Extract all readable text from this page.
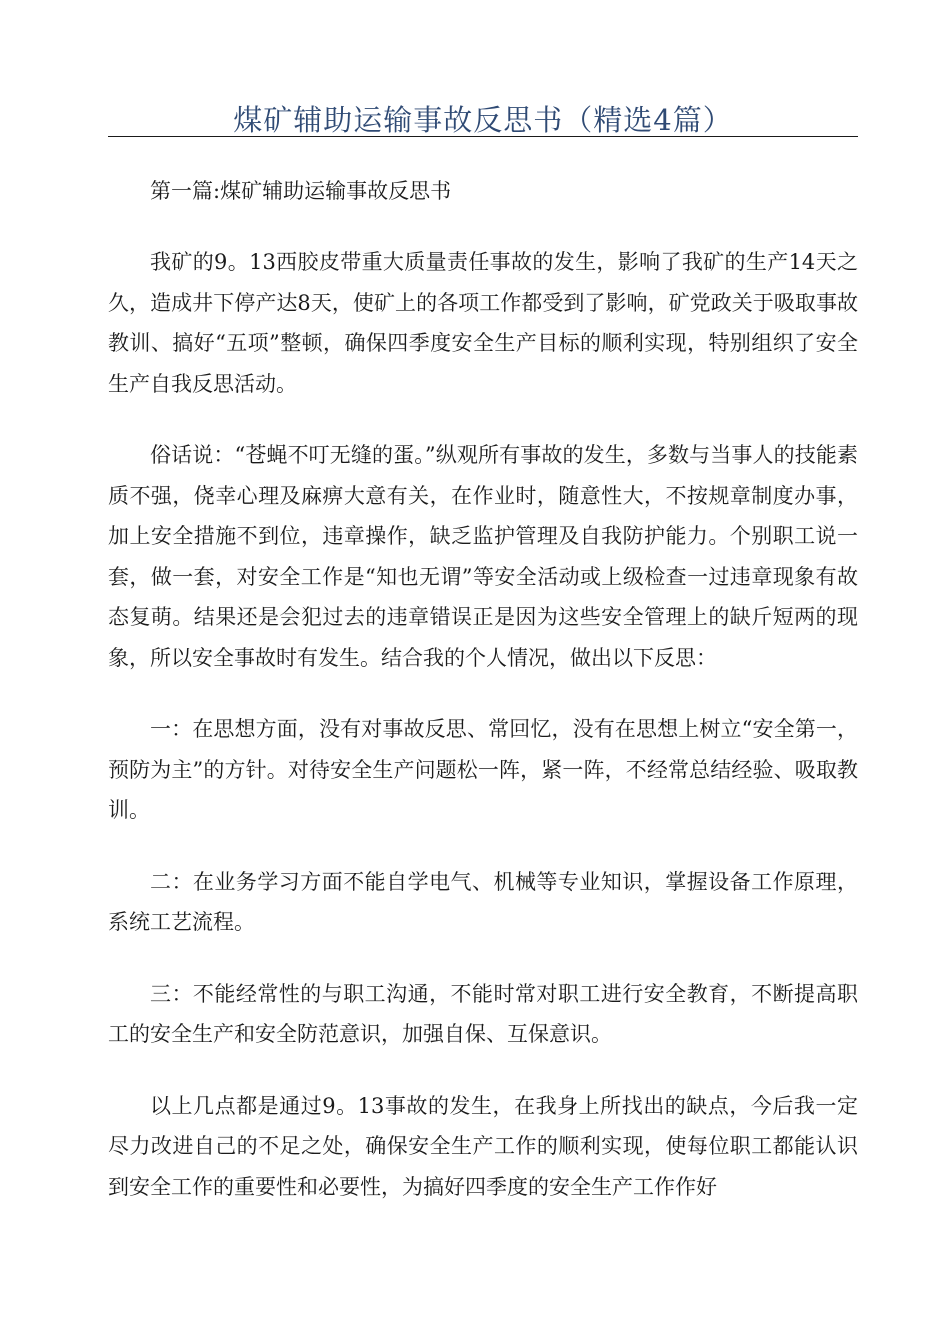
煤矿辅助运输事故反思书（精选4篇）

第一篇:煤矿辅助运输事故反思书

我矿的9。13西胶皮带重大质量责任事故的发生，影响了我矿的生产14天之久，造成井下停产达8天，使矿上的各项工作都受到了影响，矿党政关于吸取事故教训、搞好“五项”整顿，确保四季度安全生产目标的顺利实现，特别组织了安全生产自我反思活动。

俗话说：“苍蝇不叮无缝的蛋。”纵观所有事故的发生，多数与当事人的技能素质不强，侥幸心理及麻痹大意有关，在作业时，随意性大，不按规章制度办事，加上安全措施不到位，违章操作，缺乏监护管理及自我防护能力。个别职工说一套，做一套，对安全工作是“知也无谓”等安全活动或上级检查一过违章现象有故态复萌。结果还是会犯过去的违章错误正是因为这些安全管理上的缺斤短两的现象，所以安全事故时有发生。结合我的个人情况，做出以下反思：

一：在思想方面，没有对事故反思、常回忆，没有在思想上树立“安全第一，预防为主”的方针。对待安全生产问题松一阵，紧一阵，不经常总结经验、吸取教训。

二：在业务学习方面不能自学电气、机械等专业知识，掌握设备工作原理，系统工艺流程。

三：不能经常性的与职工沟通，不能时常对职工进行安全教育，不断提高职工的安全生产和安全防范意识，加强自保、互保意识。

以上几点都是通过9。13事故的发生，在我身上所找出的缺点，今后我一定尽力改进自己的不足之处，确保安全生产工作的顺利实现，使每位职工都能认识到安全工作的重要性和必要性，为搞好四季度的安全生产工作作好
